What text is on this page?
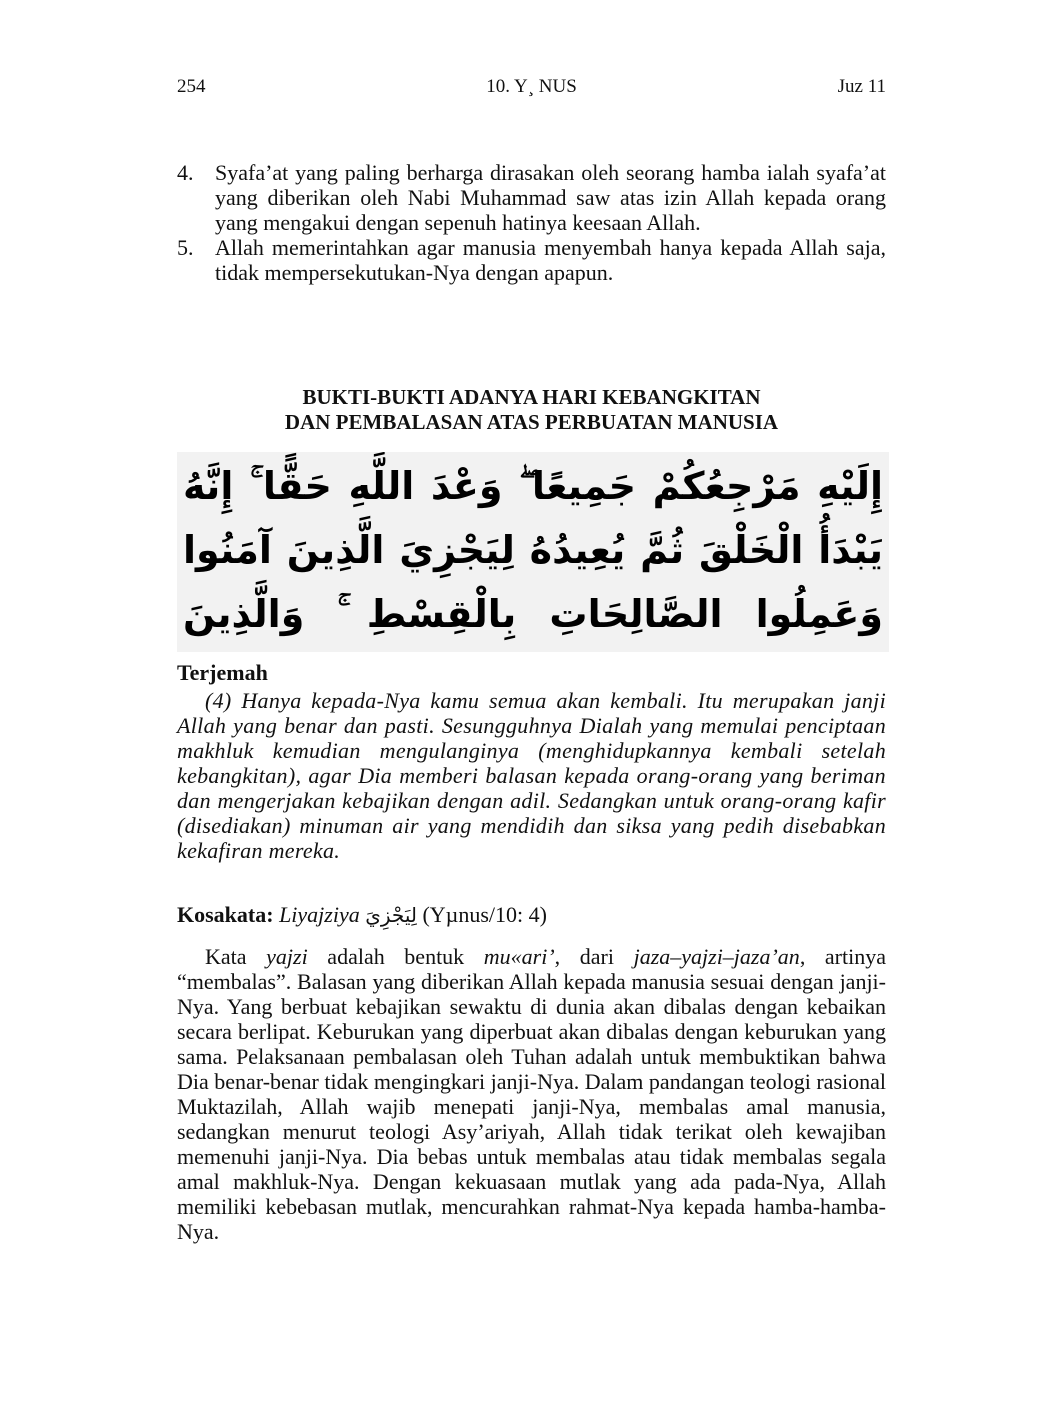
254	10. Y¸ NUS	Juz 11
4. Syafa’at yang paling berharga dirasakan oleh seorang hamba ialah syafa’at yang diberikan oleh Nabi Muhammad saw atas izin Allah kepada orang yang mengakui dengan sepenuh hatinya keesaan Allah.
5. Allah memerintahkan agar manusia menyembah hanya kepada Allah saja, tidak mempersekutukan-Nya dengan apapun.
BUKTI-BUKTI ADANYA HARI KEBANGKITAN
DAN PEMBALASAN ATAS PERBUATAN MANUSIA
إِلَيْهِ مَرْجِعُكُمْ جَمِيعًا ۖ وَعْدَ اللَّهِ حَقًّا ۚ إِنَّهُ يَبْدَأُ الْخَلْقَ ثُمَّ يُعِيدُهُ لِيَجْزِيَ الَّذِينَ آمَنُوا وَعَمِلُوا الصَّالِحَاتِ بِالْقِسْطِ ۚ وَالَّذِينَ
Terjemah
(4) Hanya kepada-Nya kamu semua akan kembali. Itu merupakan janji Allah yang benar dan pasti. Sesungguhnya Dialah yang memulai penciptaan makhluk kemudian mengulanginya (menghidupkannya kembali setelah kebangkitan), agar Dia memberi balasan kepada orang-orang yang beriman dan mengerjakan kebajikan dengan adil. Sedangkan untuk orang-orang kafir (disediakan) minuman air yang mendidih dan siksa yang pedih disebabkan kekafiran mereka.
Kosakata: Liyajziya لِيَجْزِيَ (Yµnus/10: 4)
Kata yajzi adalah bentuk mu«ari’, dari jaza–yajzi–jaza’an, artinya “membalas”. Balasan yang diberikan Allah kepada manusia sesuai dengan janji-Nya. Yang berbuat kebajikan sewaktu di dunia akan dibalas dengan kebaikan secara berlipat. Keburukan yang diperbuat akan dibalas dengan keburukan yang sama. Pelaksanaan pembalasan oleh Tuhan adalah untuk membuktikan bahwa Dia benar-benar tidak mengingkari janji-Nya. Dalam pandangan teologi rasional Muktazilah, Allah wajib menepati janji-Nya, membalas amal manusia, sedangkan menurut teologi Asy’ariyah, Allah tidak terikat oleh kewajiban memenuhi janji-Nya. Dia bebas untuk membalas atau tidak membalas segala amal makhluk-Nya. Dengan kekuasaan mutlak yang ada pada-Nya, Allah memiliki kebebasan mutlak, mencurahkan rahmat-Nya kepada hamba-hamba-Nya.
